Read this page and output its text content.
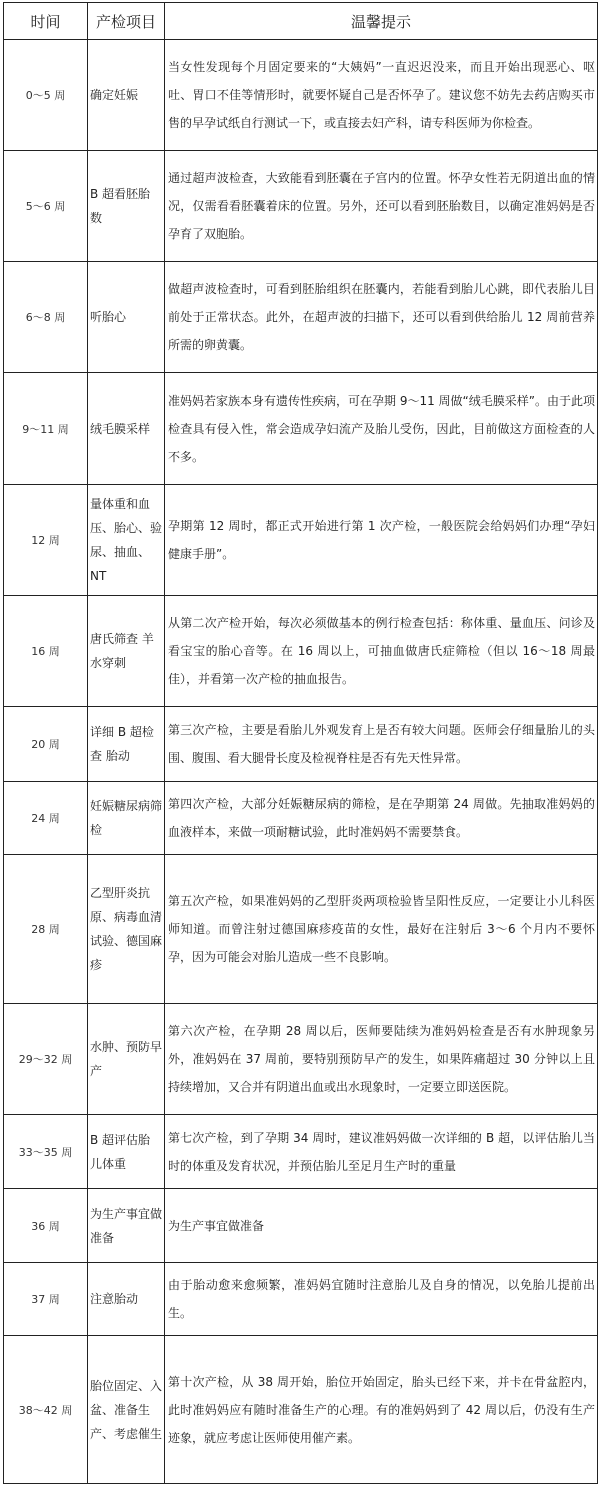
时间	产检项目	温馨提示
0～5 周	确定妊娠	当女性发现每个月固定要来的“大姨妈”一直迟迟没来，而且开始出现恶心、呕吐、胃口不佳等情形时，就要怀疑自己是否怀孕了。建议您不妨先去药店购买市售的早孕试纸自行测试一下，或直接去妇产科，请专科医师为你检查。
5～6 周	B 超看胚胎数	通过超声波检查，大致能看到胚囊在子宫内的位置。怀孕女性若无阴道出血的情况，仅需看看胚囊着床的位置。另外，还可以看到胚胎数目，以确定准妈妈是否孕育了双胞胎。
6～8 周	听胎心	做超声波检查时，可看到胚胎组织在胚囊内，若能看到胎儿心跳，即代表胎儿目前处于正常状态。此外，在超声波的扫描下，还可以看到供给胎儿 12 周前营养所需的卵黄囊。
9～11 周	绒毛膜采样	准妈妈若家族本身有遗传性疾病，可在孕期 9～11 周做“绒毛膜采样”。由于此项检查具有侵入性，常会造成孕妇流产及胎儿受伤，因此，目前做这方面检查的人不多。
12 周	量体重和血压、胎心、验尿、抽血、NT	孕期第 12 周时，都正式开始进行第 1 次产检，一般医院会给妈妈们办理“孕妇健康手册”。
16 周	唐氏筛查 羊水穿刺	从第二次产检开始，每次必须做基本的例行检查包括：称体重、量血压、问诊及看宝宝的胎心音等。在 16 周以上，可抽血做唐氏症筛检（但以 16～18 周最佳），并看第一次产检的抽血报告。
20 周	详细 B 超检查 胎动	第三次产检，主要是看胎儿外观发育上是否有较大问题。医师会仔细量胎儿的头围、腹围、看大腿骨长度及检视脊柱是否有先天性异常。
24 周	妊娠糖尿病筛检	第四次产检，大部分妊娠糖尿病的筛检，是在孕期第 24 周做。先抽取准妈妈的血液样本，来做一项耐糖试验，此时准妈妈不需要禁食。
28 周	乙型肝炎抗原、病毒血清试验、德国麻疹	第五次产检，如果准妈妈的乙型肝炎两项检验皆呈阳性反应，一定要让小儿科医师知道。而曾注射过德国麻疹疫苗的女性，最好在注射后 3～6 个月内不要怀孕，因为可能会对胎儿造成一些不良影响。
29～32 周	水肿、预防早产	第六次产检，在孕期 28 周以后，医师要陆续为准妈妈检查是否有水肿现象另外，准妈妈在 37 周前，要特别预防早产的发生，如果阵痛超过 30 分钟以上且持续增加，又合并有阴道出血或出水现象时，一定要立即送医院。
33～35 周	B 超评估胎儿体重	第七次产检，到了孕期 34 周时，建议准妈妈做一次详细的 B 超，以评估胎儿当时的体重及发育状况，并预估胎儿至足月生产时的重量
36 周	为生产事宜做准备	为生产事宜做准备
37 周	注意胎动	由于胎动愈来愈频繁，准妈妈宜随时注意胎儿及自身的情况，以免胎儿提前出生。
38～42 周	胎位固定、入盆、准备生产、考虑催生	第十次产检，从 38 周开始，胎位开始固定，胎头已经下来，并卡在骨盆腔内，此时准妈妈应有随时准备生产的心理。有的准妈妈到了 42 周以后，仍没有生产迹象，就应考虑让医师使用催产素。
